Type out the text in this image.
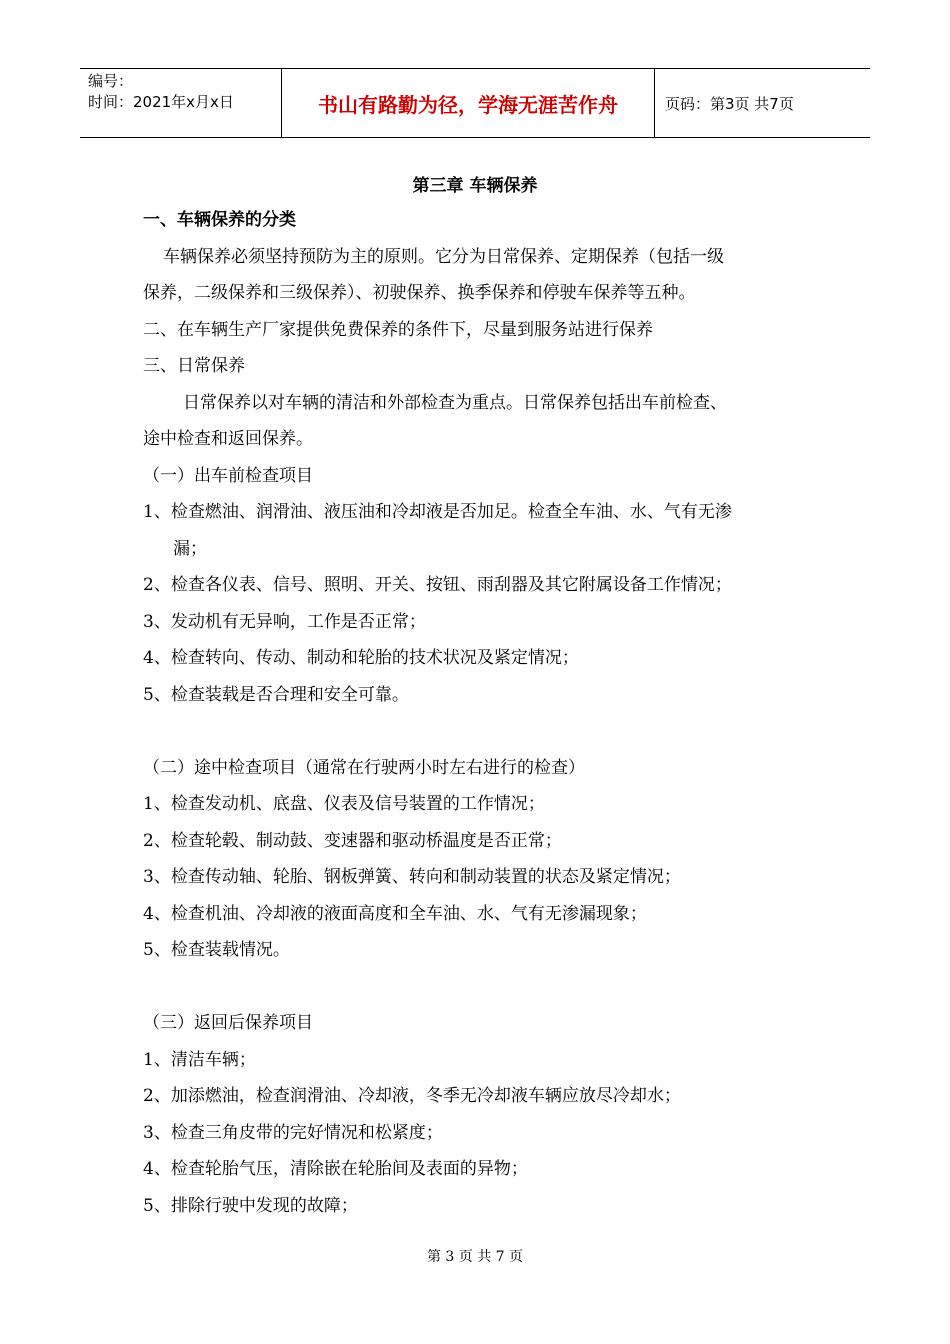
编号：
时间：2021年x月x日	书山有路勤为径，学海无涯苦作舟	页码：第3页 共7页
第三章 车辆保养
一、车辆保养的分类
车辆保养必须坚持预防为主的原则。它分为日常保养、定期保养（包括一级
保养，二级保养和三级保养）、初驶保养、换季保养和停驶车保养等五种。
二、在车辆生产厂家提供免费保养的条件下，尽量到服务站进行保养
三、日常保养
日常保养以对车辆的清洁和外部检查为重点。日常保养包括出车前检查、
途中检查和返回保养。
（一）出车前检查项目
1、检查燃油、润滑油、液压油和冷却液是否加足。检查全车油、水、气有无渗
漏；
2、检查各仪表、信号、照明、开关、按钮、雨刮器及其它附属设备工作情况；
3、发动机有无异响，工作是否正常；
4、检查转向、传动、制动和轮胎的技术状况及紧定情况；
5、检查装载是否合理和安全可靠。
（二）途中检查项目（通常在行驶两小时左右进行的检查）
1、检查发动机、底盘、仪表及信号装置的工作情况；
2、检查轮毂、制动鼓、变速器和驱动桥温度是否正常；
3、检查传动轴、轮胎、钢板弹簧、转向和制动装置的状态及紧定情况；
4、检查机油、冷却液的液面高度和全车油、水、气有无渗漏现象；
5、检查装载情况。
（三）返回后保养项目
1、清洁车辆；
2、加添燃油，检查润滑油、冷却液，冬季无冷却液车辆应放尽冷却水；
3、检查三角皮带的完好情况和松紧度；
4、检查轮胎气压，清除嵌在轮胎间及表面的异物；
5、排除行驶中发现的故障；
第 3 页 共 7 页
